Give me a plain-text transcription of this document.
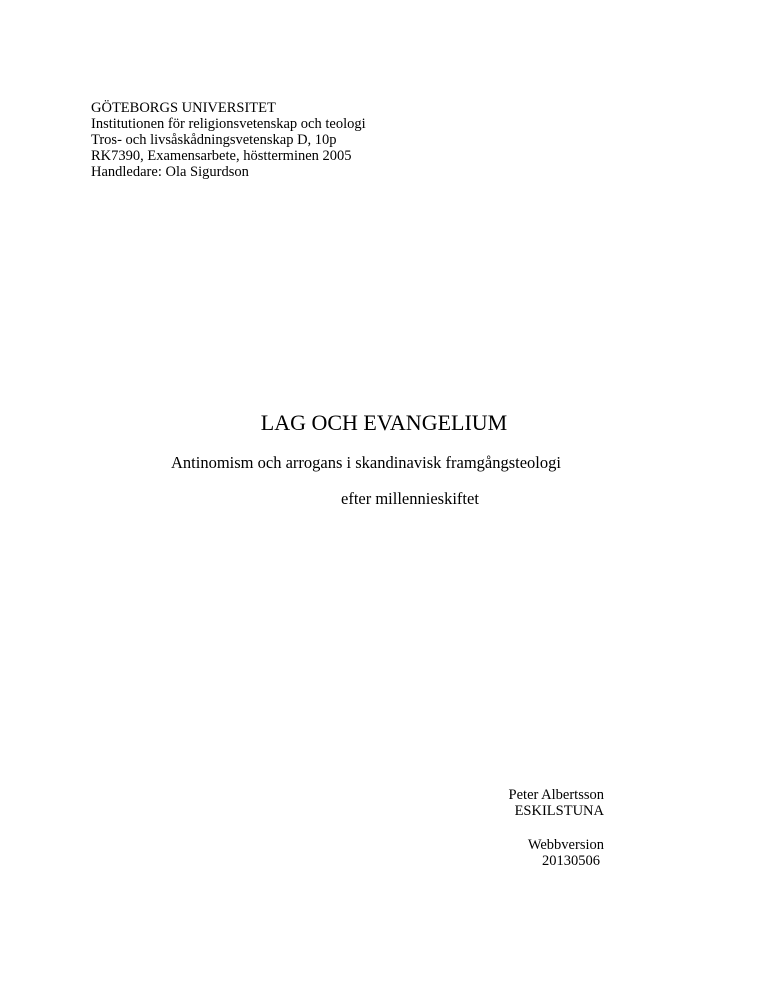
GÖTEBORGS UNIVERSITET
Institutionen för religionsvetenskap och teologi
Tros- och livsåskådningsvetenskap D, 10p
RK7390, Examensarbete, höstterminen 2005
Handledare: Ola Sigurdson
LAG OCH EVANGELIUM
Antinomism och arrogans i skandinavisk framgångsteologi
efter millennieskiftet
Peter Albertsson
ESKILSTUNA
Webbversion
20130506
